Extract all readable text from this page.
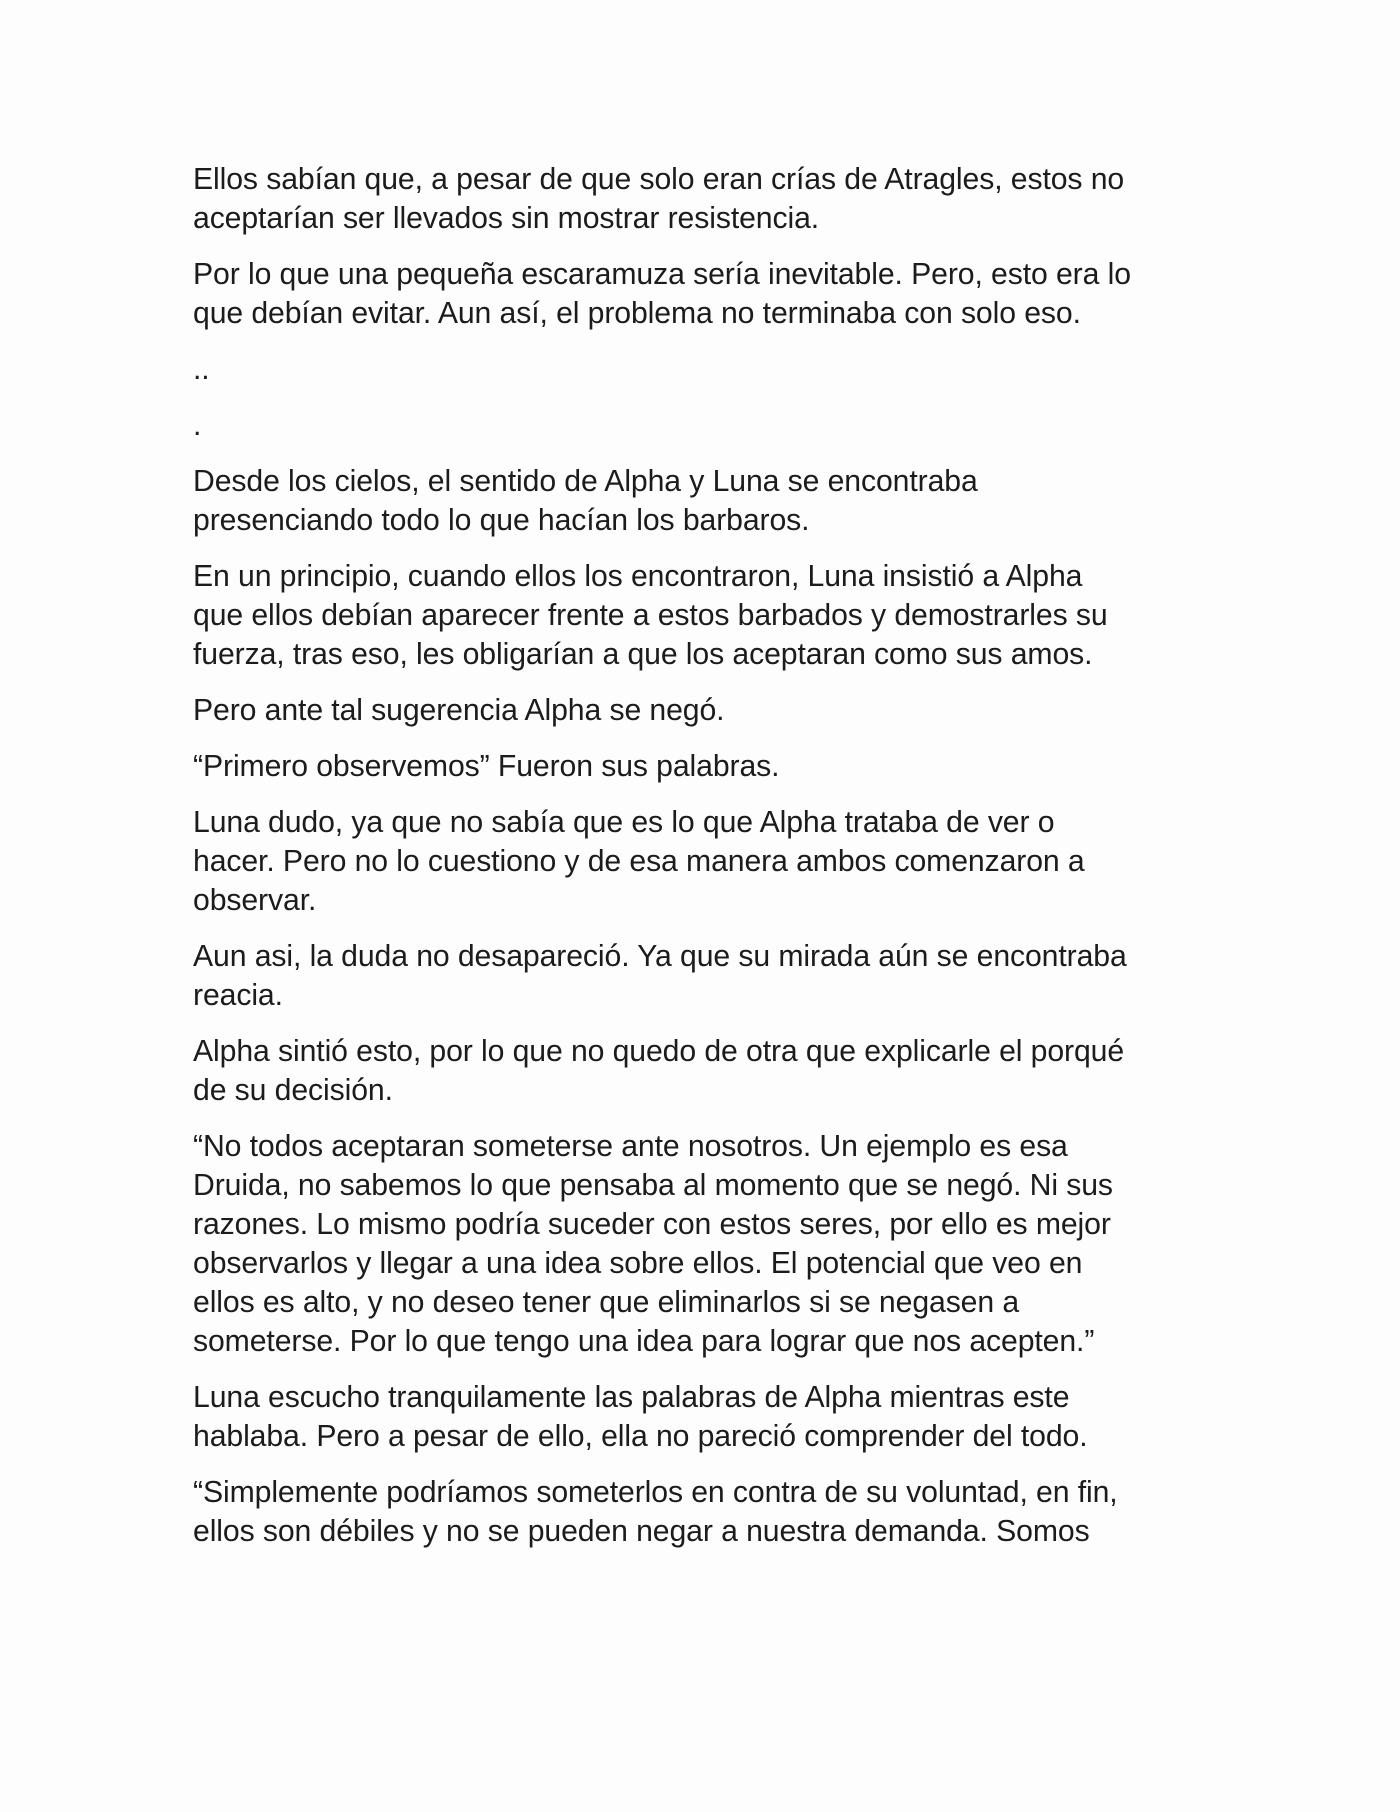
Ellos sabían que, a pesar de que solo eran crías de Atragles, estos no
aceptarían ser llevados sin mostrar resistencia.

Por lo que una pequeña escaramuza sería inevitable. Pero, esto era lo
que debían evitar. Aun así, el problema no terminaba con solo eso.

..

.

Desde los cielos, el sentido de Alpha y Luna se encontraba
presenciando todo lo que hacían los barbaros.

En un principio, cuando ellos los encontraron, Luna insistió a Alpha
que ellos debían aparecer frente a estos barbados y demostrarles su
fuerza, tras eso, les obligarían a que los aceptaran como sus amos.

Pero ante tal sugerencia Alpha se negó.

“Primero observemos” Fueron sus palabras.

Luna dudo, ya que no sabía que es lo que Alpha trataba de ver o
hacer. Pero no lo cuestiono y de esa manera ambos comenzaron a
observar.

Aun asi, la duda no desapareció. Ya que su mirada aún se encontraba
reacia.

Alpha sintió esto, por lo que no quedo de otra que explicarle el porqué
de su decisión.

“No todos aceptaran someterse ante nosotros. Un ejemplo es esa
Druida, no sabemos lo que pensaba al momento que se negó. Ni sus
razones. Lo mismo podría suceder con estos seres, por ello es mejor
observarlos y llegar a una idea sobre ellos. El potencial que veo en
ellos es alto, y no deseo tener que eliminarlos si se negasen a
someterse. Por lo que tengo una idea para lograr que nos acepten.”

Luna escucho tranquilamente las palabras de Alpha mientras este
hablaba. Pero a pesar de ello, ella no pareció comprender del todo.

“Simplemente podríamos someterlos en contra de su voluntad, en fin,
ellos son débiles y no se pueden negar a nuestra demanda. Somos
